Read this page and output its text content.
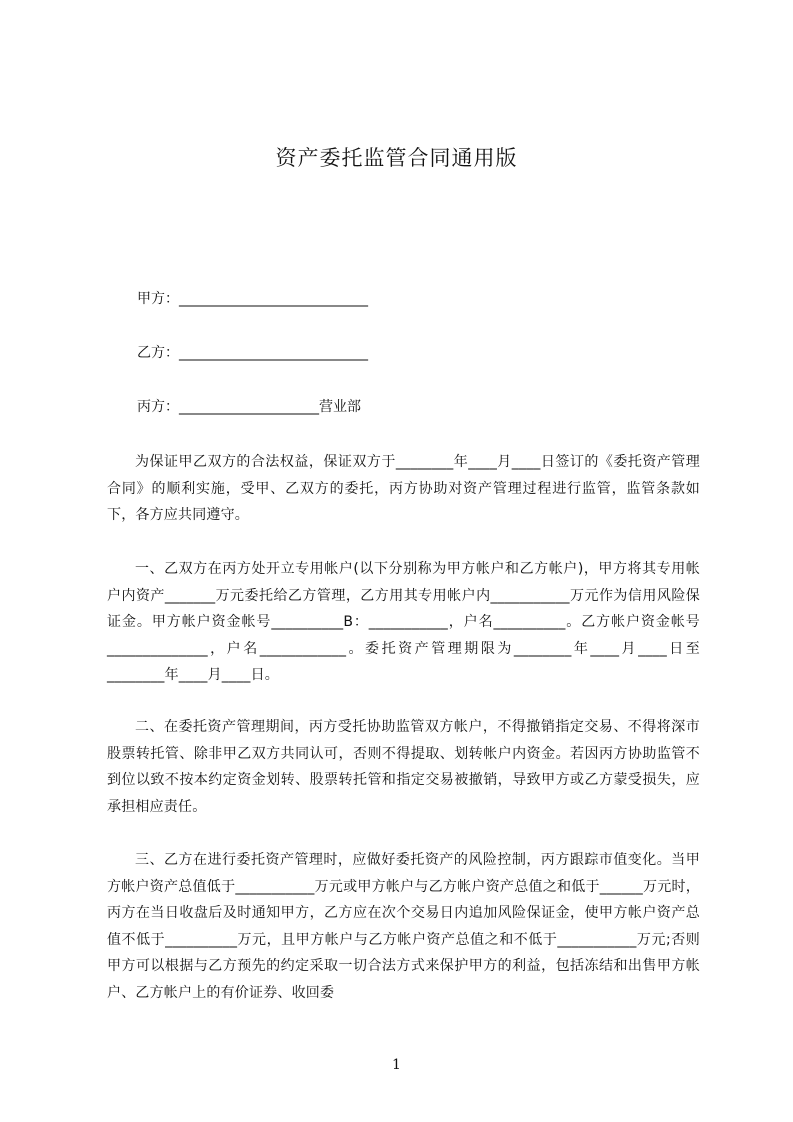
资产委托监管合同通用版
甲方：___________________________
乙方：___________________________
丙方：____________________营业部

为保证甲乙双方的合法权益，保证双方于________年____月____日签订的《委托资产管理合同》的顺利实施，受甲、乙双方的委托，丙方协助对资产管理过程进行监管，监管条款如下，各方应共同遵守。

一、乙双方在丙方处开立专用帐户(以下分别称为甲方帐户和乙方帐户)，甲方将其专用帐户内资产_______万元委托给乙方管理，乙方用其专用帐户内___________万元作为信用风险保证金。甲方帐户资金帐号__________B：___________，户名__________。乙方帐户资金帐号______________，户名____________。委托资产管理期限为________年____月____日至________年____月____日。

二、在委托资产管理期间，丙方受托协助监管双方帐户，不得撤销指定交易、不得将深市股票转托管、除非甲乙双方共同认可，否则不得提取、划转帐户内资金。若因丙方协助监管不到位以致不按本约定资金划转、股票转托管和指定交易被撤销，导致甲方或乙方蒙受损失，应承担相应责任。

三、乙方在进行委托资产管理时，应做好委托资产的风险控制，丙方跟踪市值变化。当甲方帐户资产总值低于___________万元或甲方帐户与乙方帐户资产总值之和低于______万元时，丙方在当日收盘后及时通知甲方，乙方应在次个交易日内追加风险保证金，使甲方帐户资产总值不低于__________万元，且甲方帐户与乙方帐户资产总值之和不低于___________万元;否则甲方可以根据与乙方预先的约定采取一切合法方式来保护甲方的利益，包括冻结和出售甲方帐户、乙方帐户上的有价证券、收回委

1
